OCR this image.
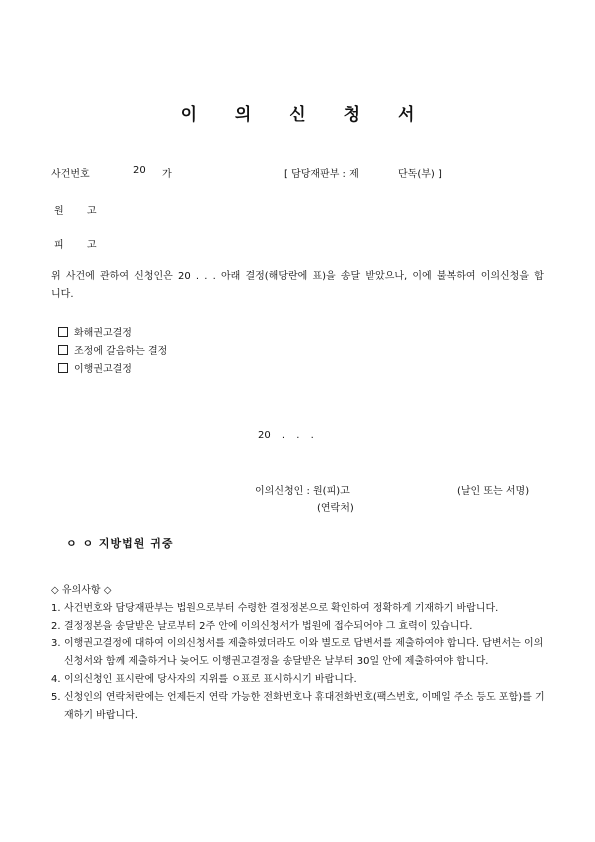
이 의 신 청 서
사건번호	20 가	[ 담당재판부 : 제	단독(부) ]
원 고
피 고
위 사건에 관하여 신청인은 20 . . . 아래 결정(해당란에 표)을 송달 받았으나, 이에 불복하여 이의신청을 합니다.
화해권고결정
조정에 갈음하는 결정
이행권고결정
20 . . .
이의신청인 : 원(피)고	(날인 또는 서명)
(연락처)
ㅇ ㅇ 지방법원 귀중
◇ 유의사항 ◇
1. 사건번호와 담당재판부는 법원으로부터 수령한 결정정본으로 확인하여 정확하게 기재하기 바랍니다.
2. 결정정본을 송달받은 날로부터 2주 안에 이의신청서가 법원에 접수되어야 그 효력이 있습니다.
3. 이행권고결정에 대하여 이의신청서를 제출하였더라도 이와 별도로 답변서를 제출하여야 합니다. 답변서는 이의신청서와 함께 제출하거나 늦어도 이행권고결정을 송달받은 날부터 30일 안에 제출하여야 합니다.
4. 이의신청인 표시란에 당사자의 지위를 ㅇ표로 표시하시기 바랍니다.
5. 신청인의 연락처란에는 언제든지 연락 가능한 전화번호나 휴대전화번호(팩스번호, 이메일 주소 등도 포함)를 기재하기 바랍니다.
